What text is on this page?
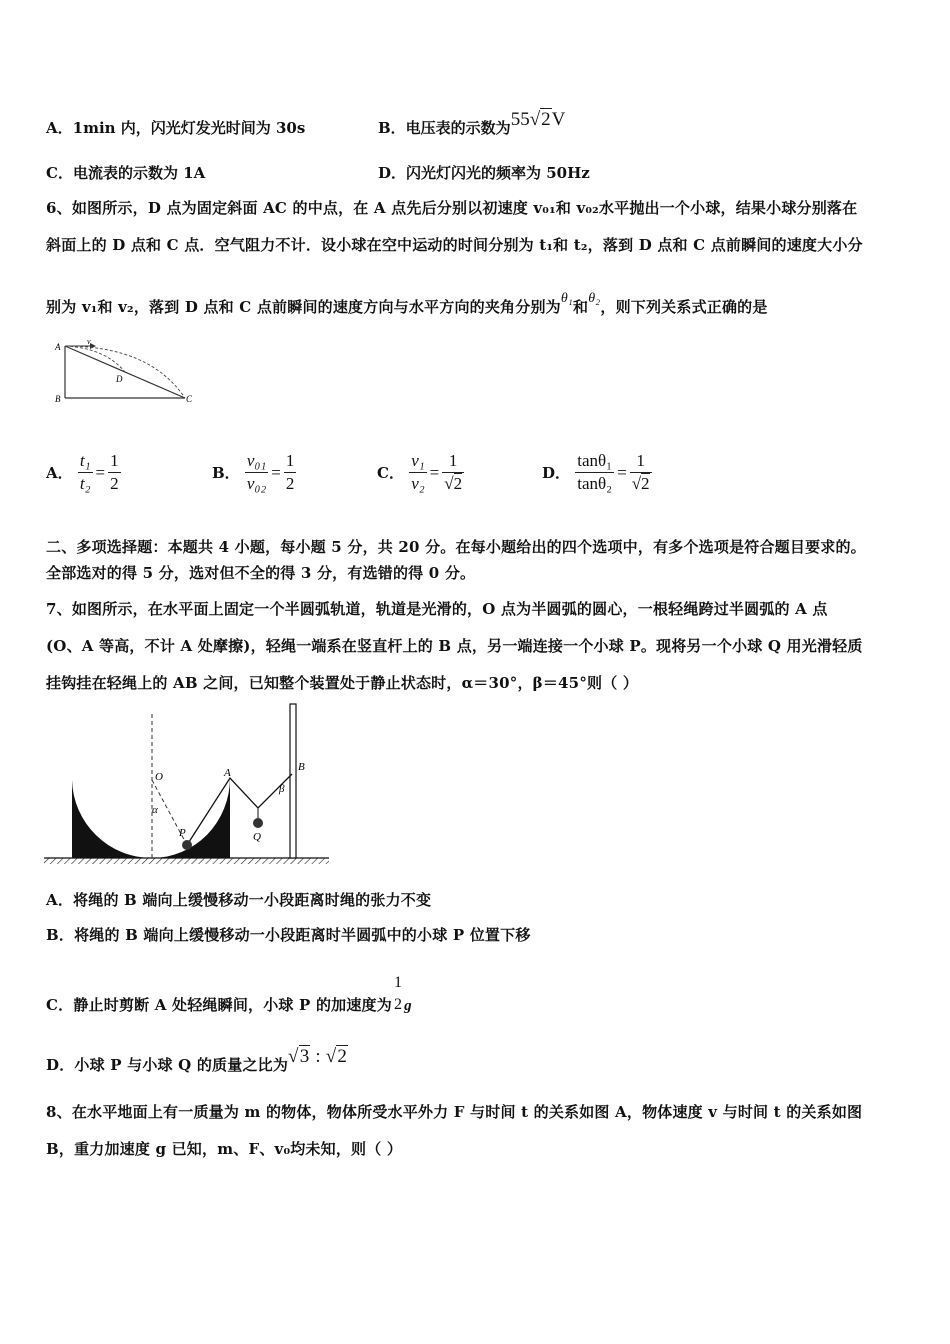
A．1min 内，闪光灯发光时间为 30s	B．电压表的示数为55√2V
C．电流表的示数为 1A	D．闪光灯闪光的频率为 50Hz
6、如图所示，D 点为固定斜面 AC 的中点，在 A 点先后分别以初速度 v₀₁和 v₀₂水平抛出一个小球，结果小球分别落在
斜面上的 D 点和 C 点．空气阻力不计．设小球在空中运动的时间分别为 t₁和 t₂，落到 D 点和 C 点前瞬间的速度大小分
别为 v₁和 v₂，落到 D 点和 C 点前瞬间的速度方向与水平方向的夹角分别为θ₁和θ₂，则下列关系式正确的是
A
v
D
B	C
A． $\frac{\text{t₁}}{\text{t₂}} = \frac{1}{2}$	B． $\frac{\text{v₀₁}}{\text{v₀₂}} = \frac{1}{2}$	C． $\frac{\text{v₁}}{\text{v₂}} = \frac{1}{√2}$	D． $\frac{\text{tanθ₁}}{\text{tanθ₂}} = \frac{1}{√2}$
二、多项选择题：本题共 4 小题，每小题 5 分，共 20 分。在每小题给出的四个选项中，有多个选项是符合题目要求的。
全部选对的得 5 分，选对但不全的得 3 分，有选错的得 0 分。
7、如图所示，在水平面上固定一个半圆弧轨道，轨道是光滑的，O 点为半圆弧的圆心，一根轻绳跨过半圆弧的 A 点
(O、A 等高，不计 A 处摩擦)，轻绳一端系在竖直杆上的 B 点，另一端连接一个小球 P。现将另一个小球 Q 用光滑轻质
挂钩挂在轻绳上的 AB 之间，已知整个装置处于静止状态时，α＝30°，β＝45°则（ ）
O
α
A	B
β
P	Q
A．将绳的 B 端向上缓慢移动一小段距离时绳的张力不变
B．将绳的 B 端向上缓慢移动一小段距离时半圆弧中的小球 P 位置下移
C．静止时剪断 A 处轻绳瞬间，小球 P 的加速度为
1
2 g
D．小球 P 与小球 Q 的质量之比为√3 : √2
8、在水平地面上有一质量为 m 的物体，物体所受水平外力 F 与时间 t 的关系如图 A，物体速度 v 与时间 t 的关系如图
B，重力加速度 g 已知，m、F、v₀均未知，则（ ）
